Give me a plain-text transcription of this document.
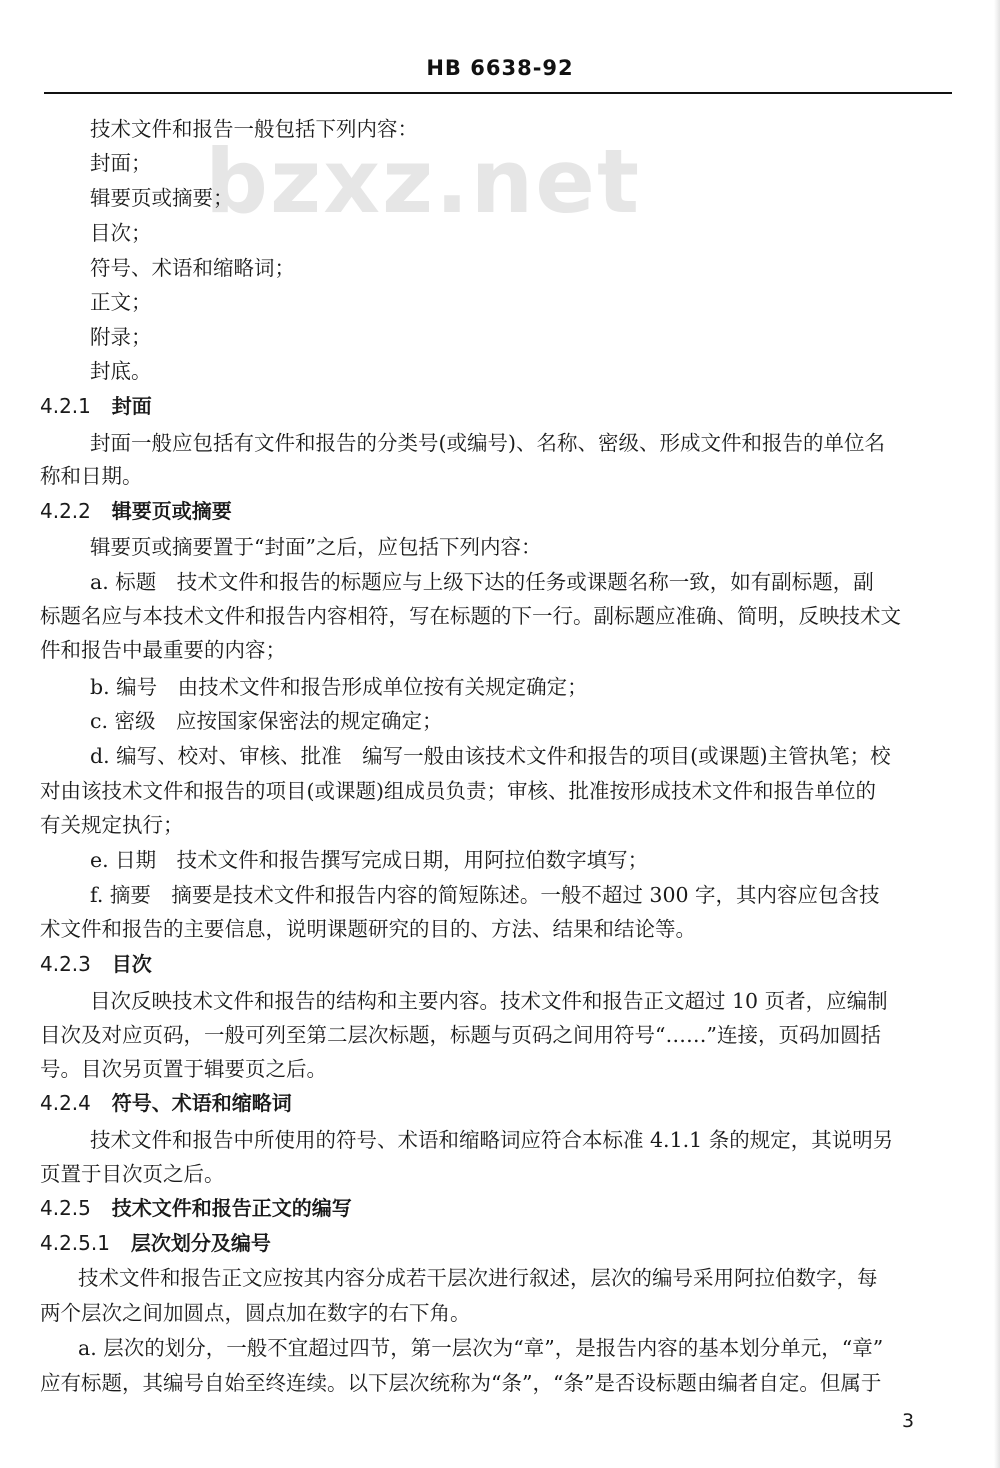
HB 6638-92
bzxz.net
技术文件和报告一般包括下列内容：
封面；
辑要页或摘要；
目次；
符号、术语和缩略词；
正文；
附录；
封底。
4.2.1 封面
封面一般应包括有文件和报告的分类号(或编号)、名称、密级、形成文件和报告的单位名
称和日期。
4.2.2 辑要页或摘要
辑要页或摘要置于“封面”之后，应包括下列内容：
a. 标题　技术文件和报告的标题应与上级下达的任务或课题名称一致，如有副标题，副
标题名应与本技术文件和报告内容相符，写在标题的下一行。副标题应准确、简明，反映技术文
件和报告中最重要的内容；
b. 编号　由技术文件和报告形成单位按有关规定确定；
c. 密级　应按国家保密法的规定确定；
d. 编写、校对、审核、批准　编写一般由该技术文件和报告的项目(或课题)主管执笔；校
对由该技术文件和报告的项目(或课题)组成员负责；审核、批准按形成技术文件和报告单位的
有关规定执行；
e. 日期　技术文件和报告撰写完成日期，用阿拉伯数字填写；
f. 摘要　摘要是技术文件和报告内容的简短陈述。一般不超过 300 字，其内容应包含技
术文件和报告的主要信息，说明课题研究的目的、方法、结果和结论等。
4.2.3 目次
目次反映技术文件和报告的结构和主要内容。技术文件和报告正文超过 10 页者，应编制
目次及对应页码，一般可列至第二层次标题，标题与页码之间用符号“……”连接，页码加圆括
号。目次另页置于辑要页之后。
4.2.4 符号、术语和缩略词
技术文件和报告中所使用的符号、术语和缩略词应符合本标准 4.1.1 条的规定，其说明另
页置于目次页之后。
4.2.5 技术文件和报告正文的编写
4.2.5.1 层次划分及编号
技术文件和报告正文应按其内容分成若干层次进行叙述，层次的编号采用阿拉伯数字，每
两个层次之间加圆点，圆点加在数字的右下角。
a. 层次的划分，一般不宜超过四节，第一层次为“章”，是报告内容的基本划分单元，“章”
应有标题，其编号自始至终连续。以下层次统称为“条”，“条”是否设标题由编者自定。但属于
3
